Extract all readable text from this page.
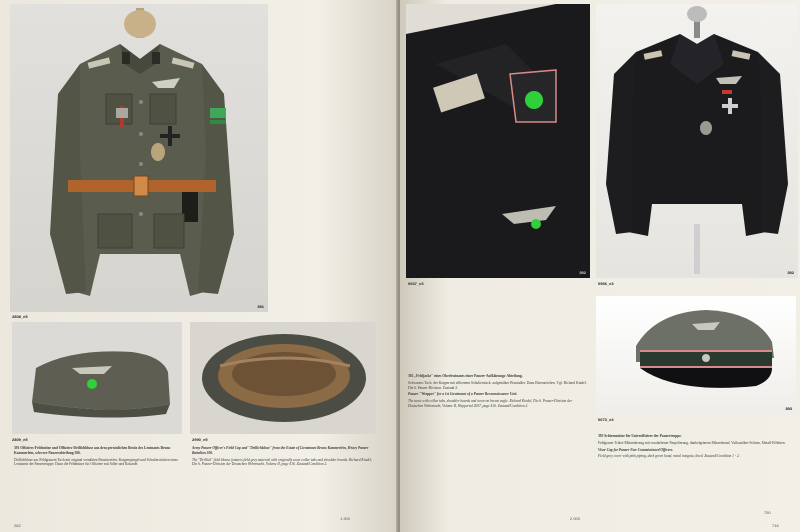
391
2808_e5
2809_e5	2990_e5

391 Offiziers-Feldmütze und Offiziers-Drillichbluse aus dem persönlichen Besitz des Leutnants Bruno Kammerlein, schwere Panzerabteilung 506.

Drillichbluse aus Feldgrauem Tuch mit original vernähten Bruststreifen, Kragenspiegel und Schulterstücken eines Leutnants der Panzertruppe. Dazu die Feldmütze für Offiziere mit Adler und Kokarde.

Army Panzer Officer's Field Cap and "Drillichbluse" from the Estate of Lieutenant Bruno Kammerlein, Heavy Panzer Battalion 506.

The "Drillich" field blouse features field grey material with originally sewn collar tabs and shoulder boards. Richard Kindel, Die 6. Panzer-Division der Deutschen Wehrmacht, Volume II, page 416. Zustand/Condition 2.

1.300
282
392
0947_e3
392
0966_e3
393
0673_e4

392 „Feldjacke" eines Oberleutnants einer Panzer-Aufklärungs-Abteilung.

Schwarzes Tuch, der Kragen mit silbernem Schulterstück, aufgenähter Brustadler. Dazu Ehrenzeichen. Vgl. Richard Kindel, Die 6. Panzer-Division. Zustand 2.

Panzer "Wrapper" for a 1st Lieutenant of a Panzer Reconnaissance Unit.

The tunic with collar tabs, shoulder boards and sewn-on breast eagle. Richard Kindel, Die 6. Panzer-Division der Deutschen Wehrmacht, Volume II, Wuppertal 2007, page 416. Zustand/Condition 2.

2.000

393 Schirmmütze für Unteroffiziere der Panzertruppe.

Feldgrauer Trikot-Mützenbezug mit rosafarbener Paspelierung, dunkelgrünem Mützenband, Vulkanfiber-Schirm, Metall-Effekten.

Visor Cap for Panzer Non-Commissioned Officers.

Field grey cover with pink piping, dark green band, metal insignia, lined. Zustand/Condition 1 - 2.

750
716
